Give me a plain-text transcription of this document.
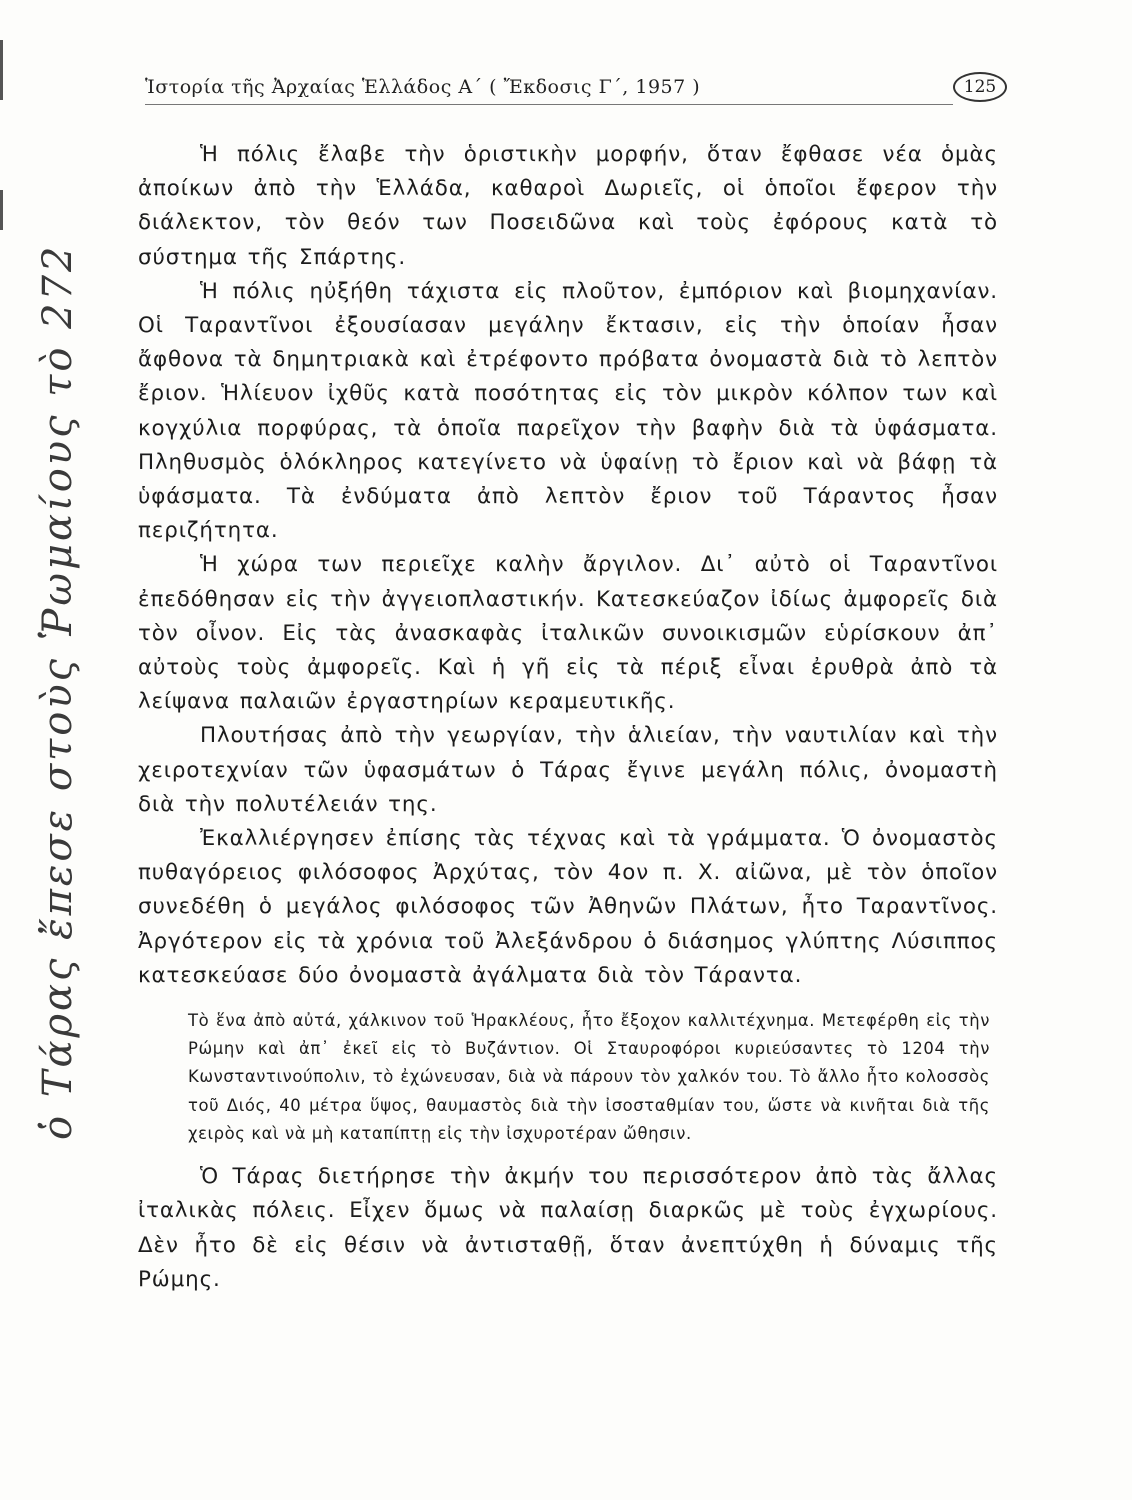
Ἱστορία τῆς Ἀρχαίας Ἑλλάδος Α΄ ( Ἔκδοσις Γ΄, 1957 )	125

Ἡ πόλις ἔλαβε τὴν ὁριστικὴν μορφήν, ὅταν ἔφθασε νέα ὁμὰς ἀποίκων ἀπὸ τὴν Ἑλλάδα, καθαροὶ Δωριεῖς, οἱ ὁποῖοι ἔφερον τὴν διάλεκτον, τὸν θεόν των Ποσειδῶνα καὶ τοὺς ἐφόρους κατὰ τὸ σύστημα τῆς Σπάρτης.

Ἡ πόλις ηὐξήθη τάχιστα εἰς πλοῦτον, ἐμπόριον καὶ βιομηχανίαν. Οἱ Ταραντῖνοι ἐξουσίασαν μεγάλην ἔκτασιν, εἰς τὴν ὁποίαν ἦσαν ἄφθονα τὰ δημητριακὰ καὶ ἐτρέφοντο πρόβατα ὀνομαστὰ διὰ τὸ λεπτὸν ἔριον. Ἡλίευον ἰχθῦς κατὰ ποσότητας εἰς τὸν μικρὸν κόλπον των καὶ κογχύλια πορφύρας, τὰ ὁποῖα παρεῖχον τὴν βαφὴν διὰ τὰ ὑφάσματα. Πληθυσμὸς ὁλόκληρος κατεγίνετο νὰ ὑφαίνῃ τὸ ἔριον καὶ νὰ βάφῃ τὰ ὑφάσματα. Τὰ ἐνδύματα ἀπὸ λεπτὸν ἔριον τοῦ Τάραντος ἦσαν περιζήτητα.

Ἡ χώρα των περιεῖχε καλὴν ἄργιλον. Δι᾽ αὐτὸ οἱ Ταραντῖνοι ἐπεδόθησαν εἰς τὴν ἀγγειοπλαστικήν. Κατεσκεύαζον ἰδίως ἀμφορεῖς διὰ τὸν οἶνον. Εἰς τὰς ἀνασκαφὰς ἰταλικῶν συνοικισμῶν εὑρίσκουν ἀπ᾽ αὐτοὺς τοὺς ἀμφορεῖς. Καὶ ἡ γῆ εἰς τὰ πέριξ εἶναι ἐρυθρὰ ἀπὸ τὰ λείψανα παλαιῶν ἐργαστηρίων κεραμευτικῆς.

Πλουτήσας ἀπὸ τὴν γεωργίαν, τὴν ἁλιείαν, τὴν ναυτιλίαν καὶ τὴν χειροτεχνίαν τῶν ὑφασμάτων ὁ Τάρας ἔγινε μεγάλη πόλις, ὀνομαστὴ διὰ τὴν πολυτέλειάν της.

Ἐκαλλιέργησεν ἐπίσης τὰς τέχνας καὶ τὰ γράμματα. Ὁ ὀνομαστὸς πυθαγόρειος φιλόσοφος Ἀρχύτας, τὸν 4ον π. Χ. αἰῶνα, μὲ τὸν ὁποῖον συνεδέθη ὁ μεγάλος φιλόσοφος τῶν Ἀθηνῶν Πλάτων, ἦτο Ταραντῖνος. Ἀργότερον εἰς τὰ χρόνια τοῦ Ἀλεξάνδρου ὁ διάσημος γλύπτης Λύσιππος κατεσκεύασε δύο ὀνομαστὰ ἀγάλματα διὰ τὸν Τάραντα.

Τὸ ἕνα ἀπὸ αὐτά, χάλκινον τοῦ Ἡρακλέους, ἦτο ἔξοχον καλλιτέχνημα. Μετεφέρθη εἰς τὴν Ρώμην καὶ ἀπ᾽ ἐκεῖ εἰς τὸ Βυζάντιον. Οἱ Σταυροφόροι κυριεύσαντες τὸ 1204 τὴν Κωνσταντινούπολιν, τὸ ἐχώνευσαν, διὰ νὰ πάρουν τὸν χαλκόν του. Τὸ ἄλλο ἦτο κολοσσὸς τοῦ Διός, 40 μέτρα ὕψος, θαυμαστὸς διὰ τὴν ἰσοσταθμίαν του, ὥστε νὰ κινῆται διὰ τῆς χειρὸς καὶ νὰ μὴ καταπίπτῃ εἰς τὴν ἰσχυροτέραν ὤθησιν.

Ὁ Τάρας διετήρησε τὴν ἀκμήν του περισσότερον ἀπὸ τὰς ἄλλας ἰταλικὰς πόλεις. Εἶχεν ὅμως νὰ παλαίσῃ διαρκῶς μὲ τοὺς ἐγχωρίους. Δὲν ἦτο δὲ εἰς θέσιν νὰ ἀντισταθῇ, ὅταν ἀνεπτύχθη ἡ δύναμις τῆς Ρώμης.

ὁ Τάρας ἔπεσε στοὺς Ῥωμαίους τὸ 272
